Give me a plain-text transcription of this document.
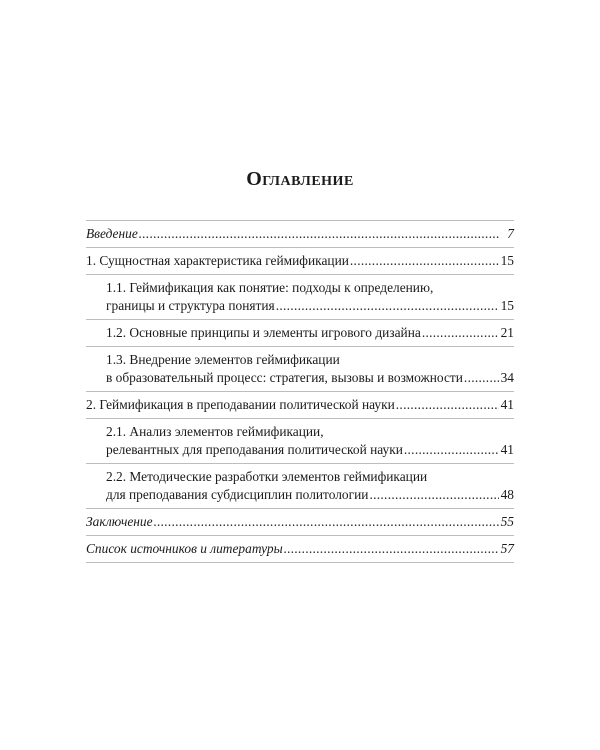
Оглавление
Введение .....	7
1. Сущностная характеристика геймификации .....	15
1.1. Геймификация как понятие: подходы к определению,
границы и структура понятия .....	15
1.2. Основные принципы и элементы игрового дизайна .....	21
1.3. Внедрение элементов геймификации
в образовательный процесс: стратегия, вызовы и возможности .....	34
2. Геймификация в преподавании политической науки .....	41
2.1. Анализ элементов геймификации,
релевантных для преподавания политической науки .....	41
2.2. Методические разработки элементов геймификации
для преподавания субдисциплин политологии .....	48
Заключение .....	55
Список источников и литературы .....	57
